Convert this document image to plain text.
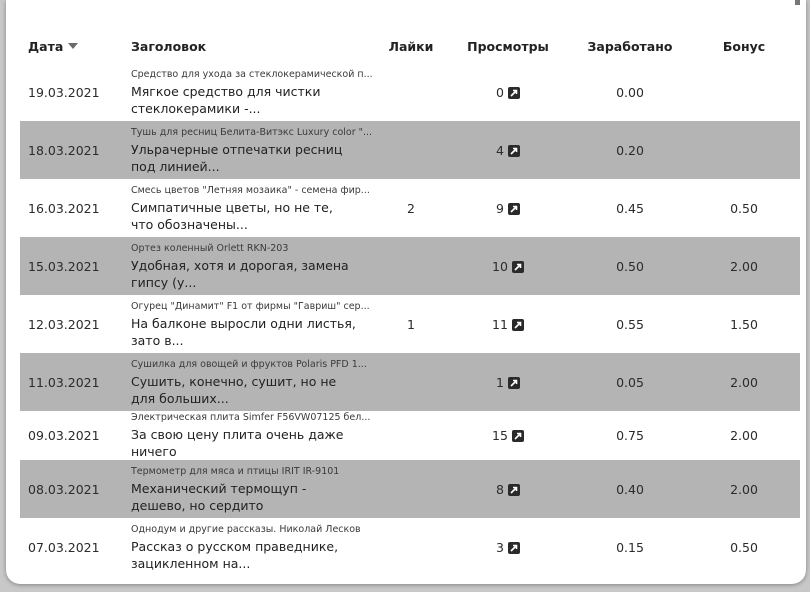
Дата	Заголовок	Лайки	Просмотры	Заработано	Бонус
19.03.2021	Средство для ухода за стеклокерамической п...
Мягкое средство для чистки стеклокерамики -...		0	0.00	
18.03.2021	Тушь для ресниц Белита-Витэкс Luxury color "...
Ульрачерные отпечатки ресниц под линией...		4	0.20	
16.03.2021	Смесь цветов "Летняя мозаика" - семена фир...
Симпатичные цветы, но не те, что обозначены...	2	9	0.45	0.50
15.03.2021	Ортез коленный Orlett RKN-203
Удобная, хотя и дорогая, замена гипсу (у...		10	0.50	2.00
12.03.2021	Огурец "Динамит" F1 от фирмы "Гавриш" сер...
На балконе выросли одни листья, зато в...	1	11	0.55	1.50
11.03.2021	Сушилка для овощей и фруктов Polaris PFD 1...
Сушить, конечно, сушит, но не для больших...		1	0.05	2.00
09.03.2021	Электрическая плита Simfer F56VW07125 бел...
За свою цену плита очень даже ничего		15	0.75	2.00
08.03.2021	Термометр для мяса и птицы IRIT IR-9101
Механический термощуп - дешево, но сердито		8	0.40	2.00
07.03.2021	Однодум и другие рассказы. Николай Лесков
Рассказ о русском праведнике, зацикленном на...		3	0.15	0.50
